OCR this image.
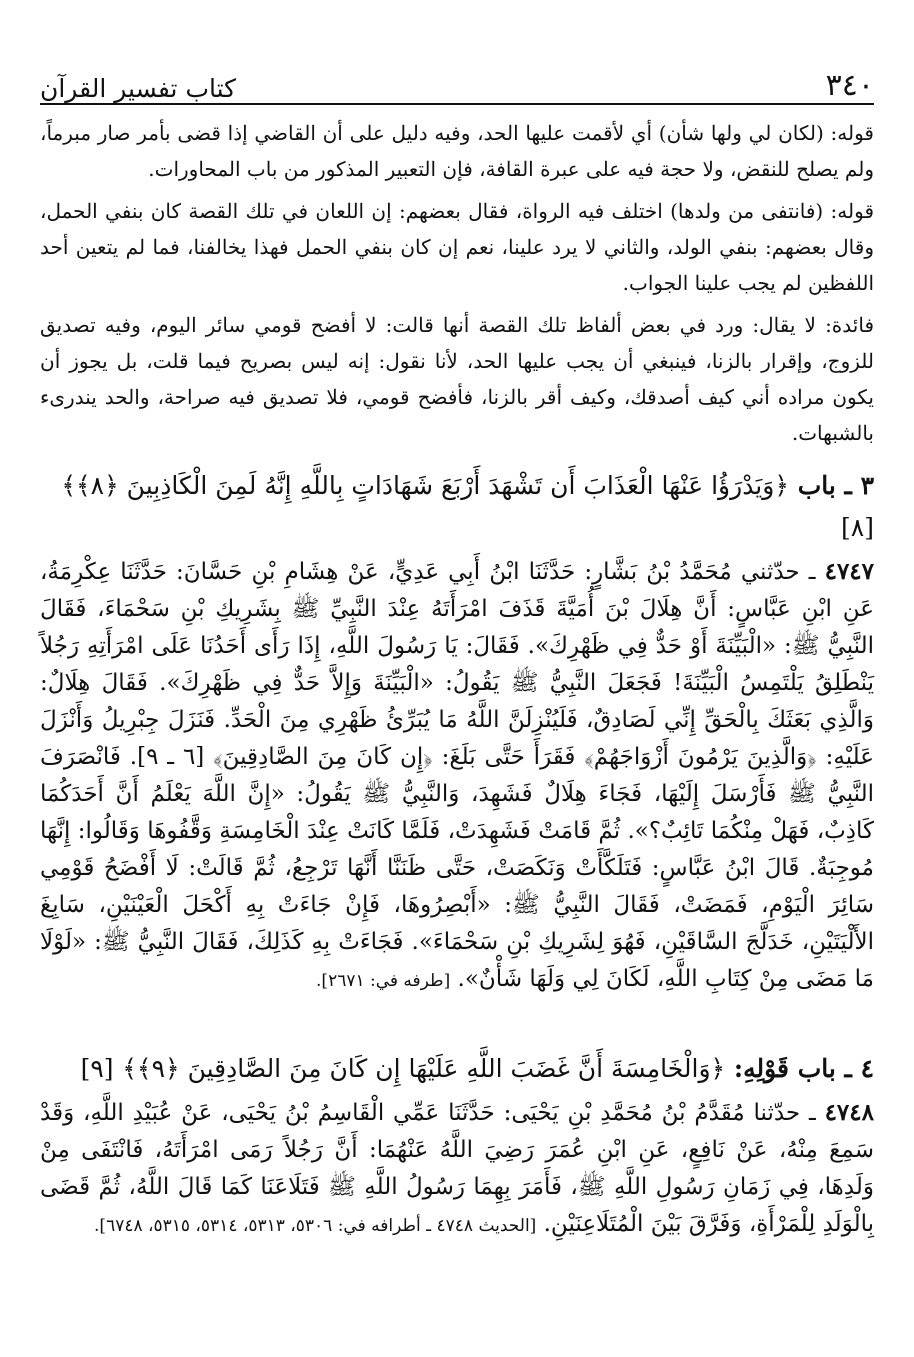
٣٤٠
كتاب تفسير القرآن

قوله: (لكان لي ولها شأن) أي لأقمت عليها الحد، وفيه دليل على أن القاضي إذا قضى بأمر صار مبرماً، ولم يصلح للنقض، ولا حجة فيه على عبرة القافة، فإن التعبير المذكور من باب المحاورات.

قوله: (فانتفى من ولدها) اختلف فيه الرواة، فقال بعضهم: إن اللعان في تلك القصة كان بنفي الحمل، وقال بعضهم: بنفي الولد، والثاني لا يرد علينا، نعم إن كان بنفي الحمل فهذا يخالفنا، فما لم يتعين أحد اللفظين لم يجب علينا الجواب.

فائدة: لا يقال: ورد في بعض ألفاظ تلك القصة أنها قالت: لا أفضح قومي سائر اليوم، وفيه تصديق للزوج، وإقرار بالزنا، فينبغي أن يجب عليها الحد، لأنا نقول: إنه ليس بصريح فيما قلت، بل يجوز أن يكون مراده أني كيف أصدقك، وكيف أقر بالزنا، فأفضح قومي، فلا تصديق فيه صراحة، والحد يندرىء بالشبهات.

٣ ـ باب ﴿وَيَدْرَؤُا عَنْهَا الْعَذَابَ أَن تَشْهَدَ أَرْبَعَ شَهَادَاتٍ بِاللَّهِ إِنَّهُ لَمِنَ الْكَاذِبِينَ ﴿٨﴾﴾ [٨]

٤٧٤٧ ـ حدّثني مُحَمَّدُ بْنُ بَشَّارٍ: حَدَّثَنَا ابْنُ أَبِي عَدِيٍّ، عَنْ هِشَامِ بْنِ حَسَّانَ: حَدَّثَنَا عِكْرِمَةُ، عَنِ ابْنِ عَبَّاسٍ: أَنَّ هِلَالَ بْنَ أُمَيَّةَ قَذَفَ امْرَأَتَهُ عِنْدَ النَّبِيِّ ﷺ بِشَرِيكِ بْنِ سَحْمَاءَ، فَقَالَ النَّبِيُّ ﷺ: «الْبَيِّنَةَ أَوْ حَدٌّ فِي ظَهْرِكَ». فَقَالَ: يَا رَسُولَ اللَّهِ، إِذَا رَأَى أَحَدُنَا عَلَى امْرَأَتِهِ رَجُلاً يَنْطَلِقُ يَلْتَمِسُ الْبَيِّنَةَ! فَجَعَلَ النَّبِيُّ ﷺ يَقُولُ: «الْبَيِّنَةَ وَإِلاَّ حَدٌّ فِي ظَهْرِكَ». فَقَالَ هِلَالٌ: وَالَّذِي بَعَثَكَ بِالْحَقِّ إِنِّي لَصَادِقٌ، فَلَيُنْزِلَنَّ اللَّهُ مَا يُبَرِّئُ ظَهْرِي مِنَ الْحَدِّ. فَنَزَلَ جِبْرِيلُ وَأَنْزَلَ عَلَيْهِ: ﴿وَالَّذِينَ يَرْمُونَ أَزْوَاجَهُمْ﴾ فَقَرَأَ حَتَّى بَلَغَ: ﴿إِن كَانَ مِنَ الصَّادِقِينَ﴾ [٦ ـ ٩]. فَانْصَرَفَ النَّبِيُّ ﷺ فَأَرْسَلَ إِلَيْهَا، فَجَاءَ هِلَالٌ فَشَهِدَ، وَالنَّبِيُّ ﷺ يَقُولُ: «إِنَّ اللَّهَ يَعْلَمُ أَنَّ أَحَدَكُمَا كَاذِبٌ، فَهَلْ مِنْكُمَا تَائِبٌ؟». ثُمَّ قَامَتْ فَشَهِدَتْ، فَلَمَّا كَانَتْ عِنْدَ الْخَامِسَةِ وَقَّفُوهَا وَقَالُوا: إِنَّهَا مُوجِبَةٌ. قَالَ ابْنُ عَبَّاسٍ: فَتَلَكَّأَتْ وَنَكَصَتْ، حَتَّى ظَنَنَّا أَنَّهَا تَرْجِعُ، ثُمَّ قَالَتْ: لَا أَفْضَحُ قَوْمِي سَائِرَ الْيَوْمِ، فَمَضَتْ، فَقَالَ النَّبِيُّ ﷺ: «أَبْصِرُوهَا، فَإِنْ جَاءَتْ بِهِ أَكْحَلَ الْعَيْنَيْنِ، سَابِغَ الأَلْيَتَيْنِ، خَدَلَّجَ السَّاقَيْنِ، فَهُوَ لِشَرِيكِ بْنِ سَحْمَاءَ». فَجَاءَتْ بِهِ كَذَلِكَ، فَقَالَ النَّبِيُّ ﷺ: «لَوْلَا مَا مَضَى مِنْ كِتَابِ اللَّهِ، لَكَانَ لِي وَلَهَا شَأْنٌ». [طرفه في: ٢٦٧١].

٤ ـ باب قَوْلِهِ: ﴿وَالْخَامِسَةَ أَنَّ غَضَبَ اللَّهِ عَلَيْهَا إِن كَانَ مِنَ الصَّادِقِينَ ﴿٩﴾﴾ [٩]

٤٧٤٨ ـ حدّثنا مُقَدَّمُ بْنُ مُحَمَّدِ بْنِ يَحْيَى: حَدَّثَنَا عَمِّي الْقَاسِمُ بْنُ يَحْيَى، عَنْ عُبَيْدِ اللَّهِ، وَقَدْ سَمِعَ مِنْهُ، عَنْ نَافِعٍ، عَنِ ابْنِ عُمَرَ رَضِيَ اللَّهُ عَنْهُمَا: أَنَّ رَجُلاً رَمَى امْرَأَتَهُ، فَانْتَفَى مِنْ وَلَدِهَا، فِي زَمَانِ رَسُولِ اللَّهِ ﷺ، فَأَمَرَ بِهِمَا رَسُولُ اللَّهِ ﷺ فَتَلَاعَنَا كَمَا قَالَ اللَّهُ، ثُمَّ قَضَى بِالْوَلَدِ لِلْمَرْأَةِ، وَفَرَّقَ بَيْنَ الْمُتَلَاعِنَيْنِ. [الحديث ٤٧٤٨ ـ أطرافه في: ٥٣٠٦، ٥٣١٣، ٥٣١٤، ٥٣١٥، ٦٧٤٨].
